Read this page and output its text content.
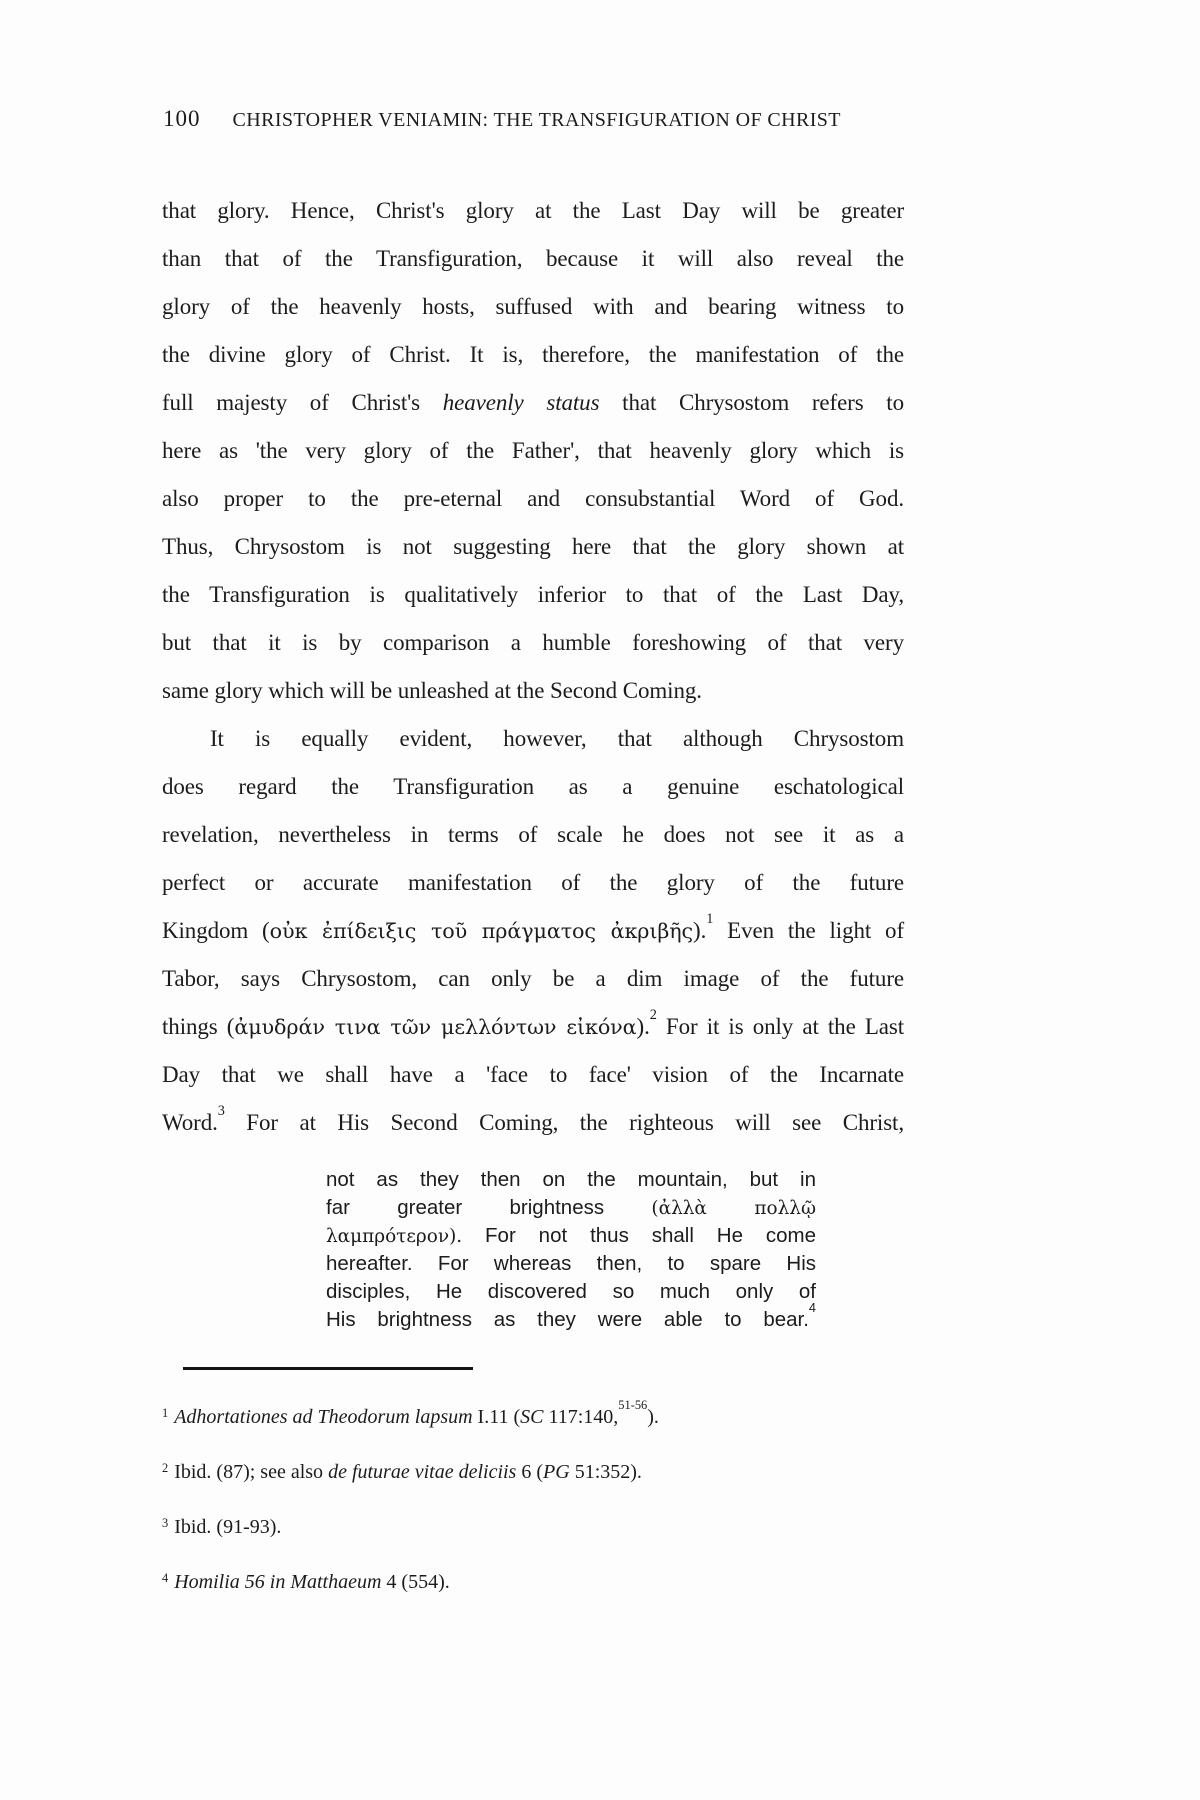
100 CHRISTOPHER VENIAMIN: THE TRANSFIGURATION OF CHRIST
that glory. Hence, Christ's glory at the Last Day will be greater
than that of the Transfiguration, because it will also reveal the
glory of the heavenly hosts, suffused with and bearing witness to
the divine glory of Christ. It is, therefore, the manifestation of the
full majesty of Christ's heavenly status that Chrysostom refers to
here as 'the very glory of the Father', that heavenly glory which is
also proper to the pre-eternal and consubstantial Word of God.
Thus, Chrysostom is not suggesting here that the glory shown at
the Transfiguration is qualitatively inferior to that of the Last Day,
but that it is by comparison a humble foreshowing of that very
same glory which will be unleashed at the Second Coming.
It is equally evident, however, that although Chrysostom
does regard the Transfiguration as a genuine eschatological
revelation, nevertheless in terms of scale he does not see it as a
perfect or accurate manifestation of the glory of the future
Kingdom (οὐκ ἐπίδειξις τοῦ πράγματος ἀκριβῆς).$^1$ Even the light of
Tabor, says Chrysostom, can only be a dim image of the future
things (ἀμυδράν τινα τῶν μελλόντων εἰκόνα).$^2$ For it is only at the Last
Day that we shall have a 'face to face' vision of the Incarnate
Word.$^3$ For at His Second Coming, the righteous will see Christ,
not as they then on the mountain, but in
far greater brightness (ἀλλὰ πολλῷ
λαμπρότερον). For not thus shall He come
hereafter. For whereas then, to spare His
disciples, He discovered so much only of
His brightness as they were able to bear.$^4$
$^1$ Adhortationes ad Theodorum lapsum I.11 (SC 117:140,$^{51-56}$).
$^2$ Ibid. (87); see also de futurae vitae deliciis 6 (PG 51:352).
$^3$ Ibid. (91-93).
$^4$ Homilia 56 in Matthaeum 4 (554).
